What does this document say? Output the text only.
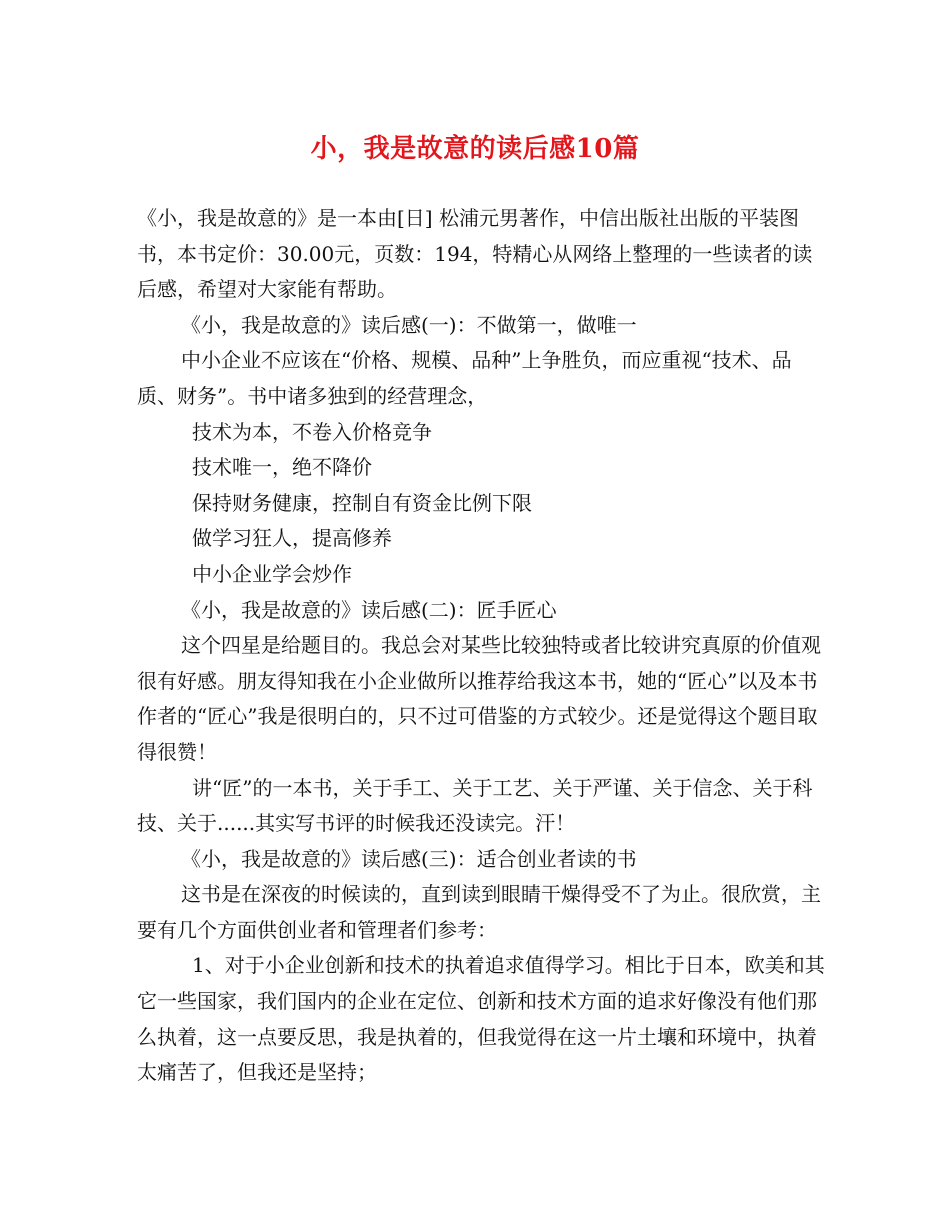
小，我是故意的读后感10篇

《小，我是故意的》是一本由[日] 松浦元男著作，中信出版社出版的平装图书，本书定价：30.00元，页数：194，特精心从网络上整理的一些读者的读后感，希望对大家能有帮助。

《小，我是故意的》读后感(一)：不做第一，做唯一

中小企业不应该在“价格、规模、品种”上争胜负，而应重视“技术、品质、财务”。书中诸多独到的经营理念，

技术为本，不卷入价格竞争

技术唯一，绝不降价

保持财务健康，控制自有资金比例下限

做学习狂人，提高修养

中小企业学会炒作

《小，我是故意的》读后感(二)：匠手匠心

这个四星是给题目的。我总会对某些比较独特或者比较讲究真原的价值观很有好感。朋友得知我在小企业做所以推荐给我这本书，她的“匠心”以及本书作者的“匠心”我是很明白的，只不过可借鉴的方式较少。还是觉得这个题目取得很赞！

讲“匠”的一本书，关于手工、关于工艺、关于严谨、关于信念、关于科技、关于......其实写书评的时候我还没读完。汗！

《小，我是故意的》读后感(三)：适合创业者读的书

这书是在深夜的时候读的，直到读到眼睛干燥得受不了为止。很欣赏，主要有几个方面供创业者和管理者们参考：

1、对于小企业创新和技术的执着追求值得学习。相比于日本，欧美和其它一些国家，我们国内的企业在定位、创新和技术方面的追求好像没有他们那么执着，这一点要反思，我是执着的，但我觉得在这一片土壤和环境中，执着太痛苦了，但我还是坚持；
